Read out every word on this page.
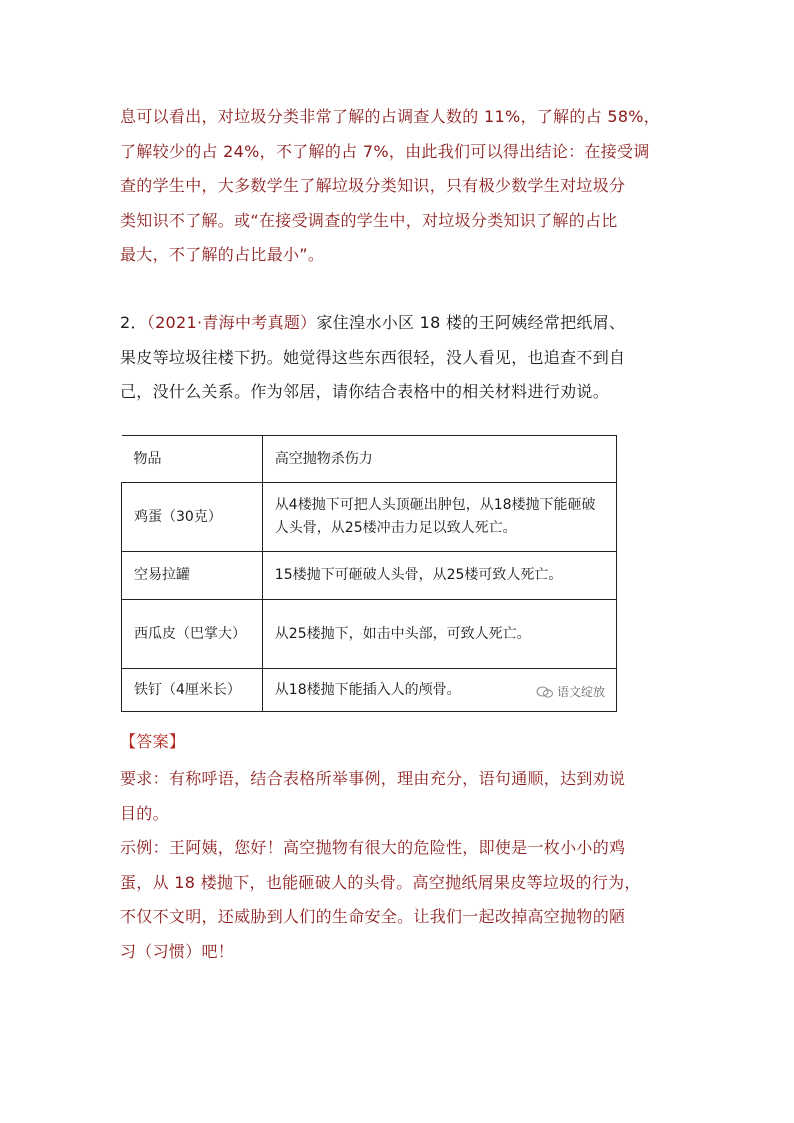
息可以看出，对垃圾分类非常了解的占调查人数的 11%，了解的占 58%，
了解较少的占 24%，不了解的占 7%，由此我们可以得出结论：在接受调
查的学生中，大多数学生了解垃圾分类知识，只有极少数学生对垃圾分
类知识不了解。或“在接受调查的学生中，对垃圾分类知识了解的占比
最大，不了解的占比最小”。
2．（2021·青海中考真题）家住湟水小区 18 楼的王阿姨经常把纸屑、
果皮等垃圾往楼下扔。她觉得这些东西很轻，没人看见，也追查不到自
己，没什么关系。作为邻居，请你结合表格中的相关材料进行劝说。
物品	高空抛物杀伤力
鸡蛋（30克）	从4楼抛下可把人头顶砸出肿包，从18楼抛下能砸破人头骨，从25楼冲击力足以致人死亡。
空易拉罐	15楼抛下可砸破人头骨，从25楼可致人死亡。
西瓜皮（巴掌大）	从25楼抛下，如击中头部，可致人死亡。
铁钉（4厘米长）	从18楼抛下能插入人的颅骨。	语文绽放
【答案】
要求：有称呼语，结合表格所举事例，理由充分，语句通顺，达到劝说
目的。
示例：王阿姨，您好！高空抛物有很大的危险性，即使是一枚小小的鸡
蛋，从 18 楼抛下，也能砸破人的头骨。高空抛纸屑果皮等垃圾的行为，
不仅不文明，还威胁到人们的生命安全。让我们一起改掉高空抛物的陋
习（习惯）吧！
